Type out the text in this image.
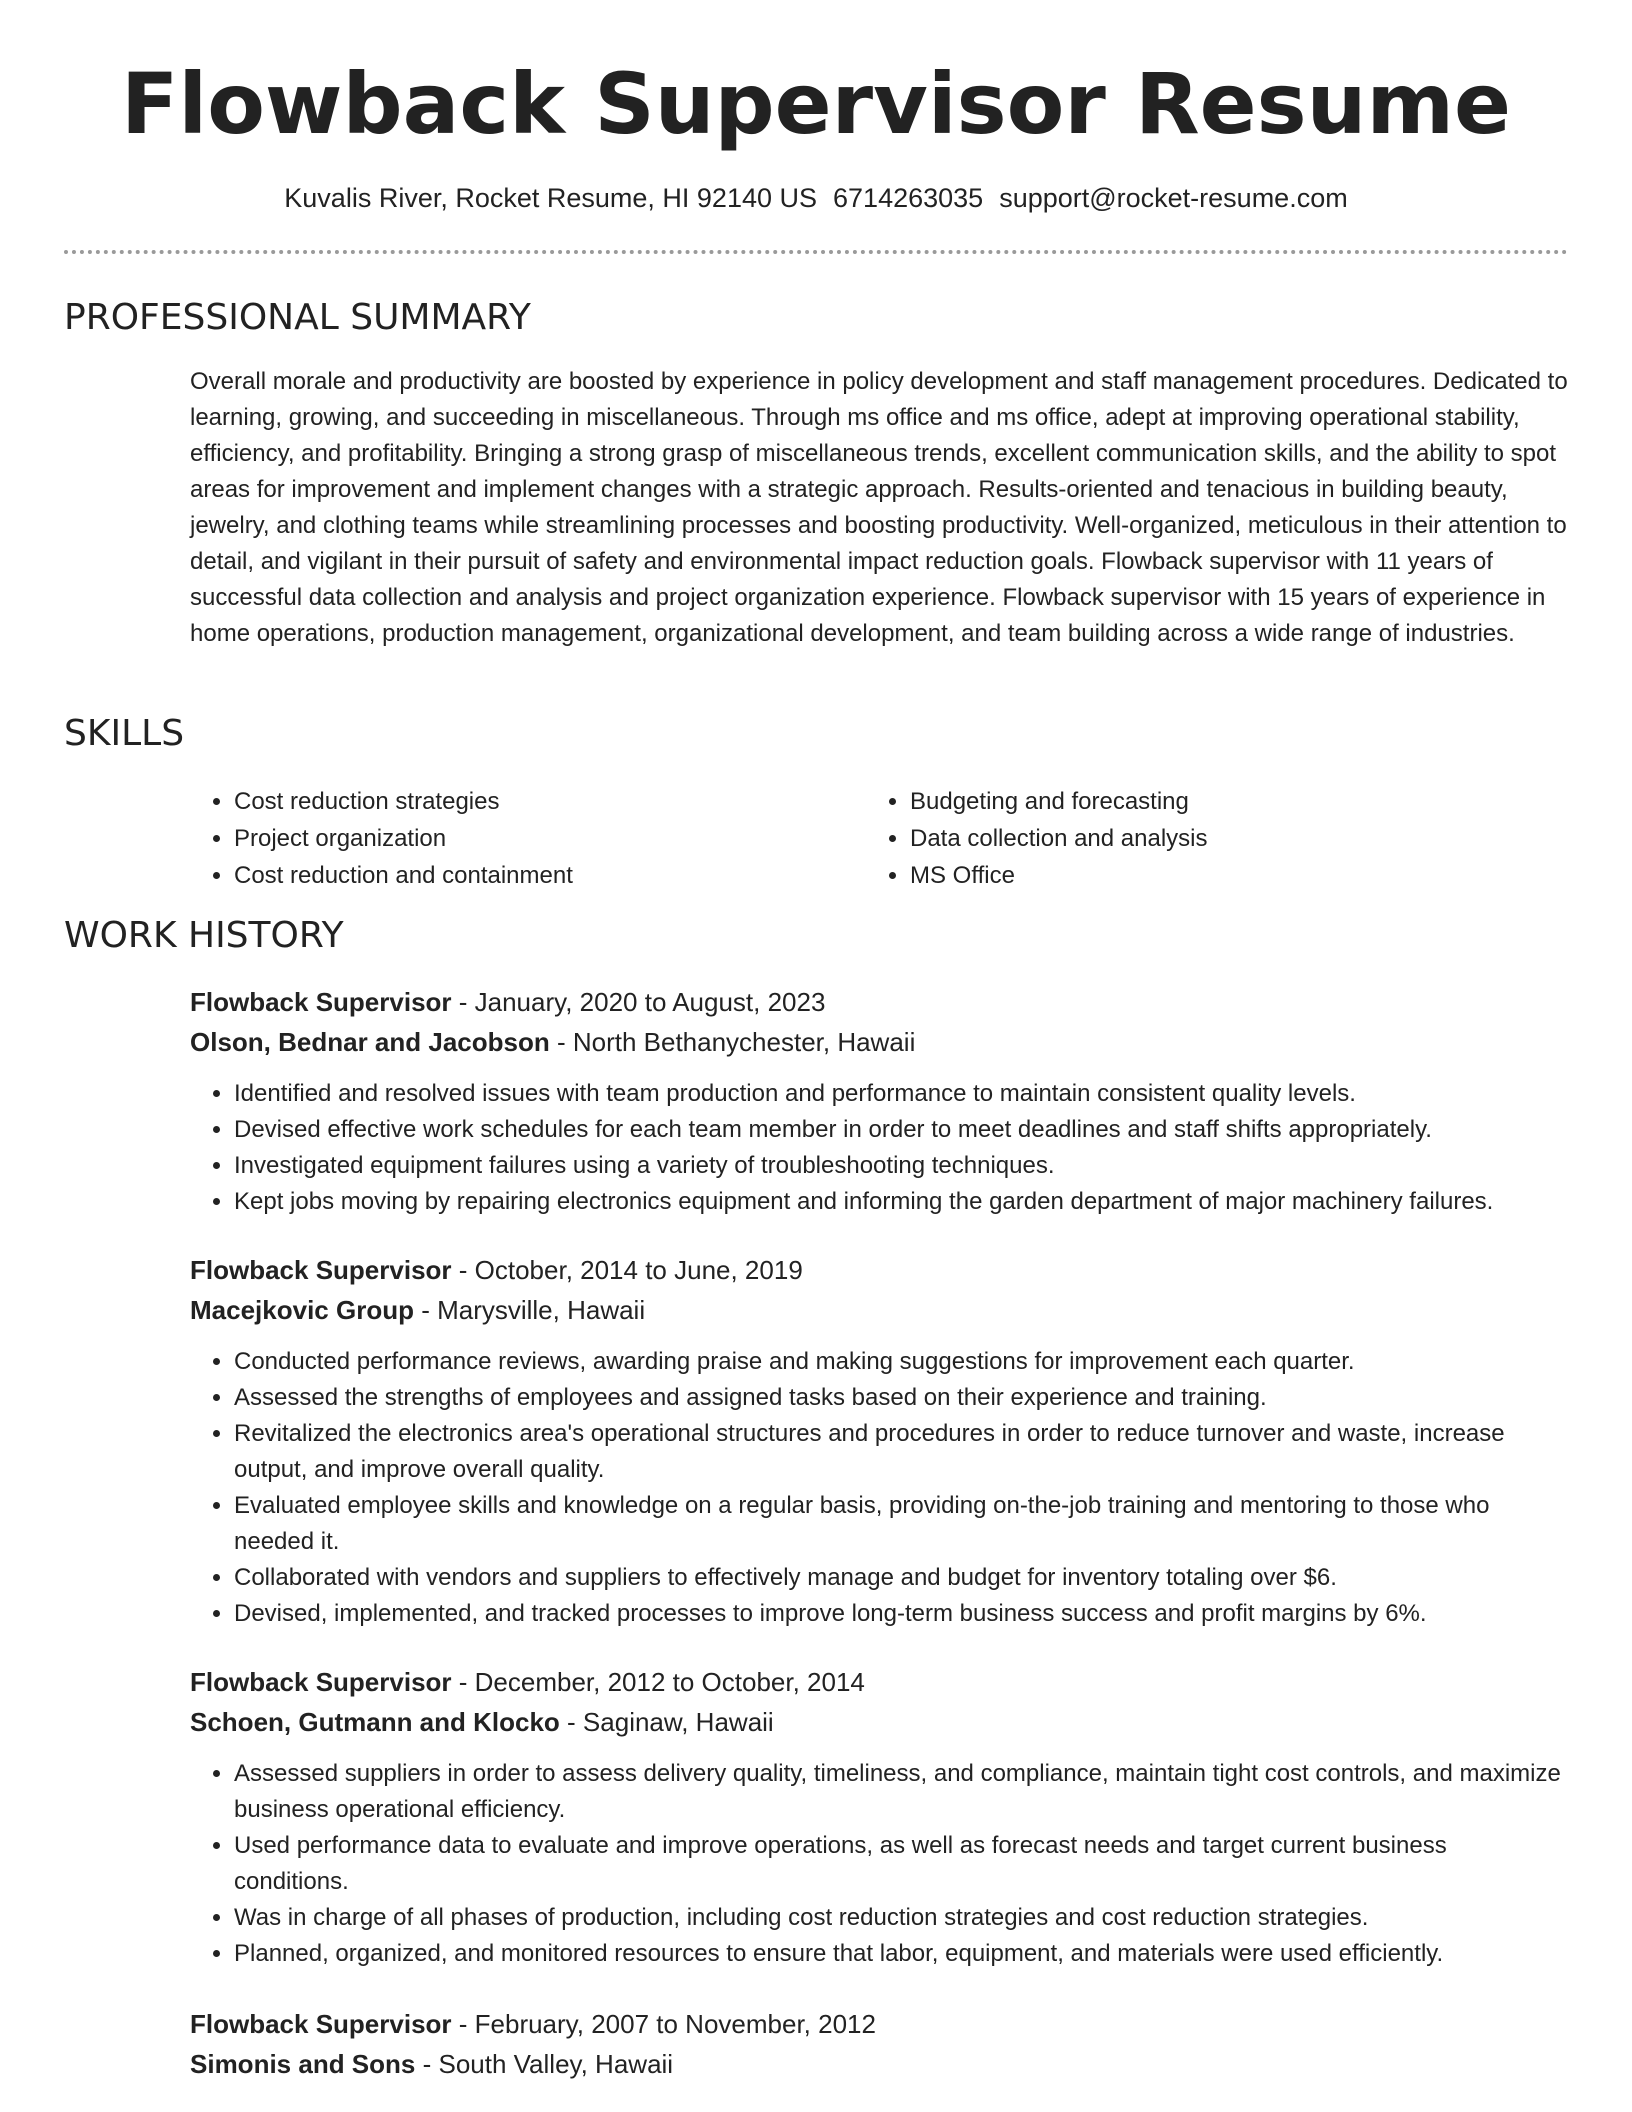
Flowback Supervisor Resume
Kuvalis River, Rocket Resume, HI 92140 US 6714263035 support@rocket-resume.com
PROFESSIONAL SUMMARY

Overall morale and productivity are boosted by experience in policy development and staff management procedures. Dedicated to learning, growing, and succeeding in miscellaneous. Through ms office and ms office, adept at improving operational stability, efficiency, and profitability. Bringing a strong grasp of miscellaneous trends, excellent communication skills, and the ability to spot areas for improvement and implement changes with a strategic approach. Results-oriented and tenacious in building beauty, jewelry, and clothing teams while streamlining processes and boosting productivity. Well-organized, meticulous in their attention to detail, and vigilant in their pursuit of safety and environmental impact reduction goals. Flowback supervisor with 11 years of successful data collection and analysis and project organization experience. Flowback supervisor with 15 years of experience in home operations, production management, organizational development, and team building across a wide range of industries.

SKILLS
• Cost reduction strategies
• Project organization
• Cost reduction and containment
• Budgeting and forecasting
• Data collection and analysis
• MS Office
WORK HISTORY

Flowback Supervisor - January, 2020 to August, 2023

Olson, Bednar and Jacobson - North Bethanychester, Hawaii

• Identified and resolved issues with team production and performance to maintain consistent quality levels.
• Devised effective work schedules for each team member in order to meet deadlines and staff shifts appropriately.
• Investigated equipment failures using a variety of troubleshooting techniques.
• Kept jobs moving by repairing electronics equipment and informing the garden department of major machinery failures.

Flowback Supervisor - October, 2014 to June, 2019

Macejkovic Group - Marysville, Hawaii

• Conducted performance reviews, awarding praise and making suggestions for improvement each quarter.
• Assessed the strengths of employees and assigned tasks based on their experience and training.
• Revitalized the electronics area's operational structures and procedures in order to reduce turnover and waste, increase output, and improve overall quality.
• Evaluated employee skills and knowledge on a regular basis, providing on-the-job training and mentoring to those who needed it.
• Collaborated with vendors and suppliers to effectively manage and budget for inventory totaling over $6.
• Devised, implemented, and tracked processes to improve long-term business success and profit margins by 6%.

Flowback Supervisor - December, 2012 to October, 2014

Schoen, Gutmann and Klocko - Saginaw, Hawaii

• Assessed suppliers in order to assess delivery quality, timeliness, and compliance, maintain tight cost controls, and maximize business operational efficiency.
• Used performance data to evaluate and improve operations, as well as forecast needs and target current business conditions.
• Was in charge of all phases of production, including cost reduction strategies and cost reduction strategies.
• Planned, organized, and monitored resources to ensure that labor, equipment, and materials were used efficiently.

Flowback Supervisor - February, 2007 to November, 2012

Simonis and Sons - South Valley, Hawaii
